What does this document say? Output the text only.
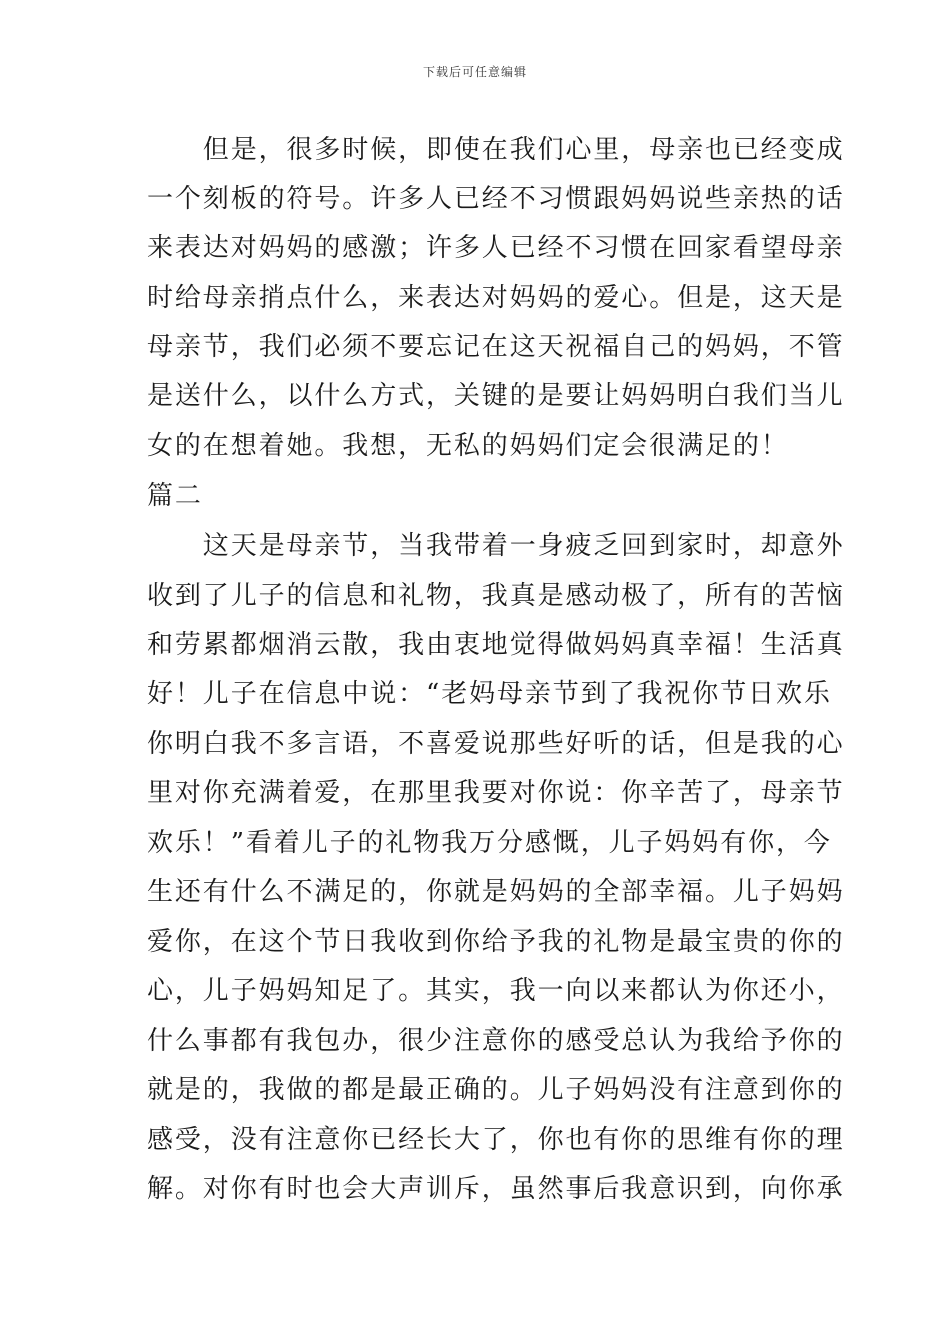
下载后可任意编辑
　　但是，很多时候，即使在我们心里，母亲也已经变成
一个刻板的符号。许多人已经不习惯跟妈妈说些亲热的话
来表达对妈妈的感激；许多人已经不习惯在回家看望母亲
时给母亲捎点什么，来表达对妈妈的爱心。但是，这天是
母亲节，我们必须不要忘记在这天祝福自己的妈妈，不管
是送什么，以什么方式，关键的是要让妈妈明白我们当儿
女的在想着她。我想，无私的妈妈们定会很满足的！
篇二
　　这天是母亲节，当我带着一身疲乏回到家时，却意外
收到了儿子的信息和礼物，我真是感动极了，所有的苦恼
和劳累都烟消云散，我由衷地觉得做妈妈真幸福！生活真
好！儿子在信息中说：“老妈母亲节到了我祝你节日欢乐
你明白我不多言语，不喜爱说那些好听的话，但是我的心
里对你充满着爱，在那里我要对你说：你辛苦了，母亲节
欢乐！”看着儿子的礼物我万分感慨，儿子妈妈有你，今
生还有什么不满足的，你就是妈妈的全部幸福。儿子妈妈
爱你，在这个节日我收到你给予我的礼物是最宝贵的你的
心，儿子妈妈知足了。其实，我一向以来都认为你还小，
什么事都有我包办，很少注意你的感受总认为我给予你的
就是的，我做的都是最正确的。儿子妈妈没有注意到你的
感受，没有注意你已经长大了，你也有你的思维有你的理
解。对你有时也会大声训斥，虽然事后我意识到，向你承
